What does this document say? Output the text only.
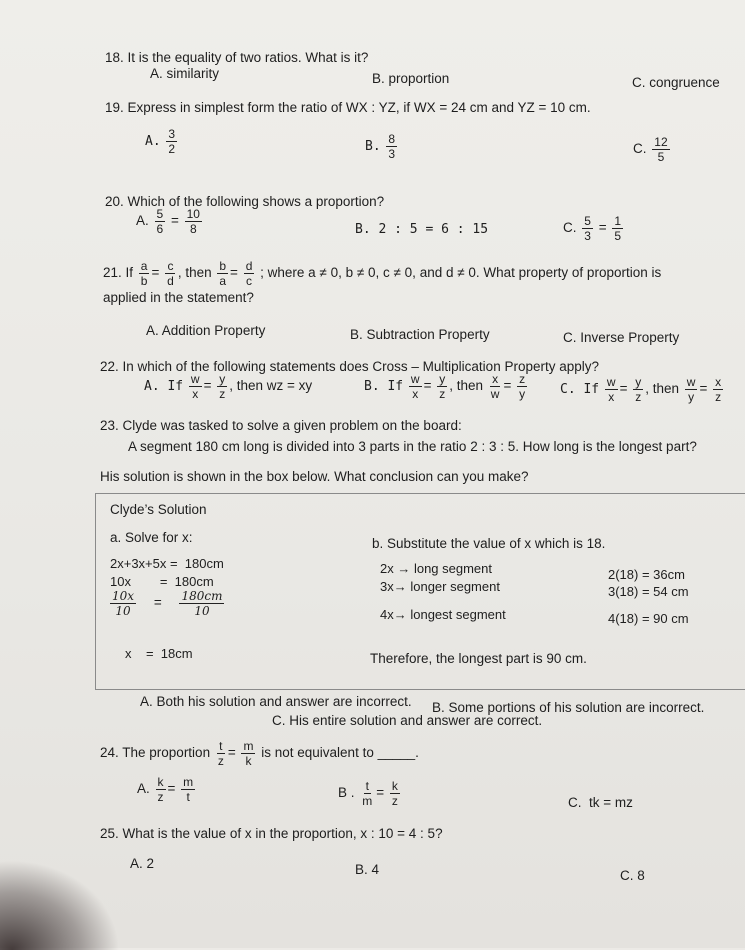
18. It is the equality of two ratios. What is it?
A. similarity	B. proportion	C. congruence
19. Express in simplest form the ratio of WX : YZ, if WX = 24 cm and YZ = 10 cm.
A. $\frac{3}{2}$	B. $\frac{8}{3}$	C. $\frac{12}{5}$
20. Which of the following shows a proportion?
A. $\frac{5}{6} = \frac{10}{8}$	B. 2 : 5 = 6 : 15	C. $\frac{5}{3} = \frac{1}{5}$
21. If $\frac{a}{b} = \frac{c}{d}$ , then $\frac{b}{a} = \frac{d}{c}$ ; where a ≠ 0, b ≠ 0, c ≠ 0, and d ≠ 0. What property of proportion is
applied in the statement?
A. Addition Property	B. Subtraction Property	C. Inverse Property
22. In which of the following statements does Cross – Multiplication Property apply?
A. If $\frac{w}{x} = \frac{y}{z}$ , then wz = xy	B. If $\frac{w}{x} = \frac{y}{z}$ , then $\frac{x}{w} = \frac{z}{y}$	C. If $\frac{w}{x} = \frac{y}{z}$ , then $\frac{w}{y} = \frac{x}{z}$
23. Clyde was tasked to solve a given problem on the board:
A segment 180 cm long is divided into 3 parts in the ratio 2 : 3 : 5. How long is the longest part?
His solution is shown in the box below. What conclusion can you make?
Clyde’s Solution
a. Solve for x:	b. Substitute the value of x which is 18.
2x+3x+5x =  180cm
10x        =  180cm
$\frac{10x}{10} = \frac{180cm}{10}$
x    =  18cm
2x → long segment
3x→ longer segment
4x→ longest segment
2(18) = 36cm
3(18) = 54 cm
4(18) = 90 cm
Therefore, the longest part is 90 cm.
A. Both his solution and answer are incorrect. B. Some portions of his solution are incorrect.
C. His entire solution and answer are correct.
24. The proportion $\frac{t}{z} = \frac{m}{k}$ is not equivalent to _____.
A. $\frac{k}{z} = \frac{m}{t}$	B . $\frac{t}{m} = \frac{k}{z}$	C.  tk = mz
25. What is the value of x in the proportion, x : 10 = 4 : 5?
A. 2	B. 4	C. 8
